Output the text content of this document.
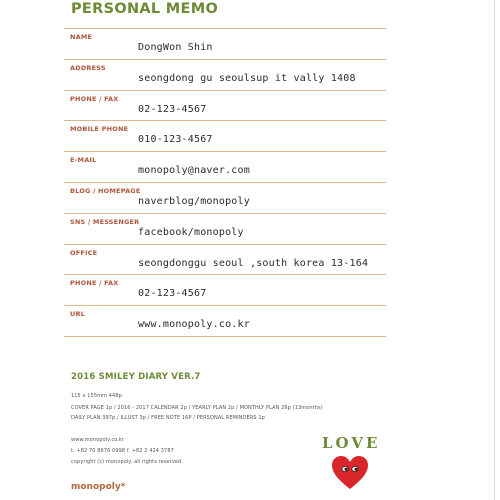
PERSONAL MEMO
NAME
DongWon Shin
ADDRESS
seongdong gu seoulsup it vally 1408
PHONE / FAX
02-123-4567
MOBILE PHONE
010-123-4567
E-MAIL
monopoly@naver.com
BLOG / HOMEPAGE
naverblog/monopoly
SNS / MESSENGER
facebook/monopoly
OFFICE
seongdonggu seoul ,south korea 13-164
PHONE / FAX
02-123-4567
URL
www.monopoly.co.kr
2016 SMILEY DIARY VER.7
115 x 155mm 448p
COVER PAGE 1p / 2016 - 2017 CALENDAR 2p / YEARLY PLAN 2p / MONTHLY PLAN 26p (13months)
DAILY PLAN 397p / ILLUST 3p / FREE NOTE 16P / PERSONAL REMINDERS 1p
www.monopoly.co.kr
t. +82 70 8676 0998 f. +82 2 424 3787
copyright (c) monopoly. all rights reserved.
monopoly*
LOVE
